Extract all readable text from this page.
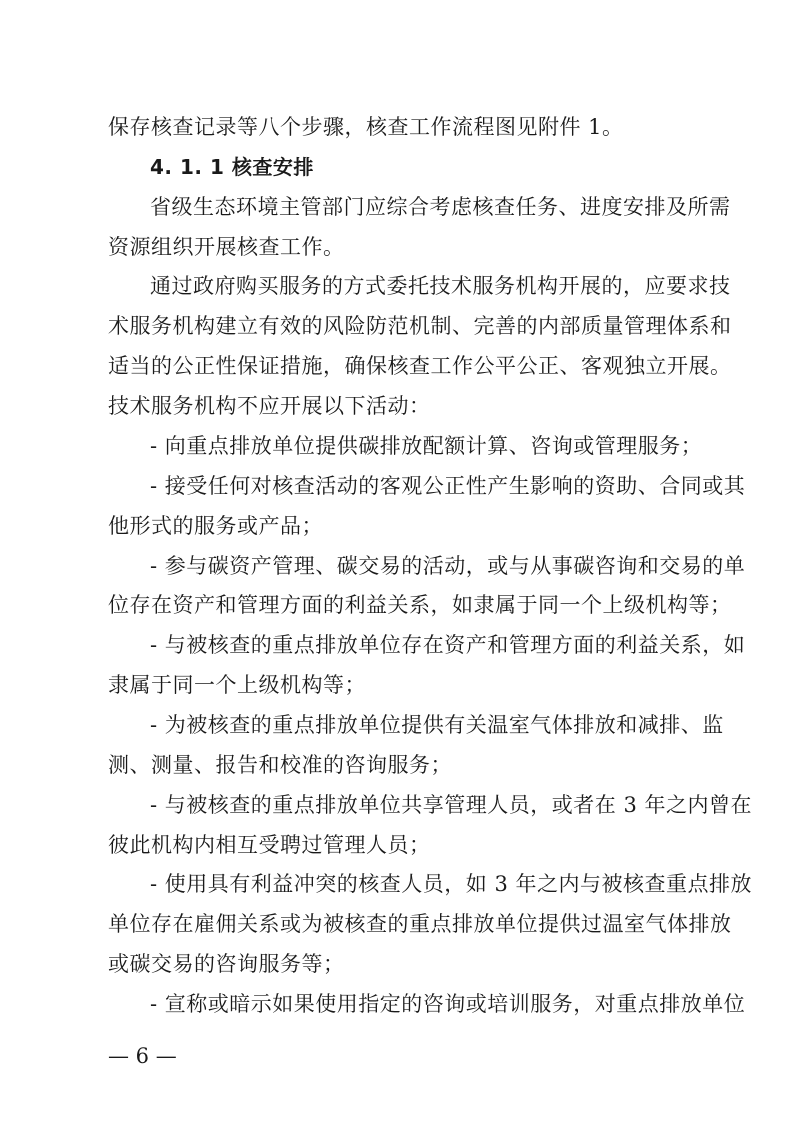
保存核查记录等八个步骤，核查工作流程图见附件 1。
4. 1. 1 核查安排
省级生态环境主管部门应综合考虑核查任务、进度安排及所需
资源组织开展核查工作。
通过政府购买服务的方式委托技术服务机构开展的，应要求技
术服务机构建立有效的风险防范机制、完善的内部质量管理体系和
适当的公正性保证措施，确保核查工作公平公正、客观独立开展。
技术服务机构不应开展以下活动：
- 向重点排放单位提供碳排放配额计算、咨询或管理服务；
- 接受任何对核查活动的客观公正性产生影响的资助、合同或其
他形式的服务或产品；
- 参与碳资产管理、碳交易的活动，或与从事碳咨询和交易的单
位存在资产和管理方面的利益关系，如隶属于同一个上级机构等；
- 与被核查的重点排放单位存在资产和管理方面的利益关系，如
隶属于同一个上级机构等；
- 为被核查的重点排放单位提供有关温室气体排放和减排、监
测、测量、报告和校准的咨询服务；
- 与被核查的重点排放单位共享管理人员，或者在 3 年之内曾在
彼此机构内相互受聘过管理人员；
- 使用具有利益冲突的核查人员，如 3 年之内与被核查重点排放
单位存在雇佣关系或为被核查的重点排放单位提供过温室气体排放
或碳交易的咨询服务等；
- 宣称或暗示如果使用指定的咨询或培训服务，对重点排放单位
— 6 —
